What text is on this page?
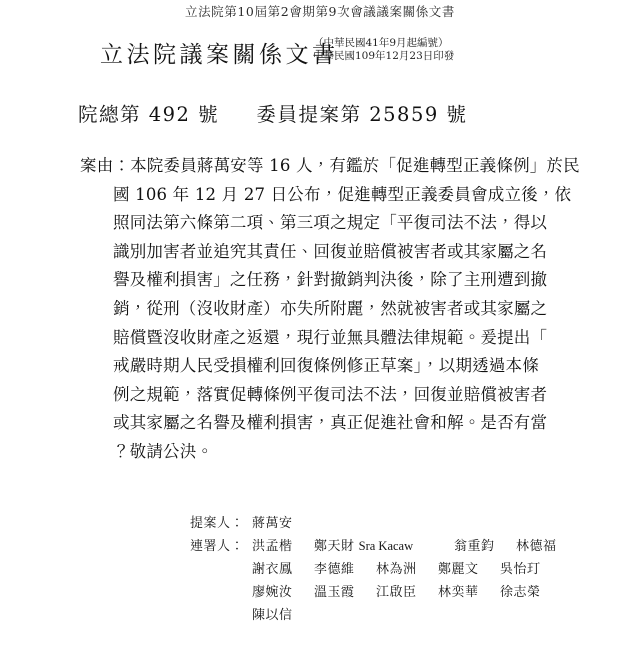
立法院第10屆第2會期第9次會議議案關係文書
立法院議案關係文書
（中華民國41年9月起編號）
中華民國109年12月23日印發
院總第 492 號 委員提案第 25859 號
案由：本院委員蔣萬安等 16 人，有鑑於「促進轉型正義條例」於民
國 106 年 12 月 27 日公布，促進轉型正義委員會成立後，依
照同法第六條第二項、第三項之規定「平復司法不法，得以
識別加害者並追究其責任、回復並賠償被害者或其家屬之名
譽及權利損害」之任務，針對撤銷判決後，除了主刑遭到撤
銷，從刑（沒收財產）亦失所附麗，然就被害者或其家屬之
賠償暨沒收財產之返還，現行並無具體法律規範。爰提出「
戒嚴時期人民受損權利回復條例修正草案」，以期透過本條
例之規範，落實促轉條例平復司法不法，回復並賠償被害者
或其家屬之名譽及權利損害，真正促進社會和解。是否有當
？敬請公決。
提案人： 蔣萬安
連署人： 洪孟楷	鄭天財 Sra Kacaw	翁重鈞	林德福
謝衣鳳	李德維	林為洲	鄭麗文	吳怡玎
廖婉汝	溫玉霞	江啟臣	林奕華	徐志榮
陳以信
